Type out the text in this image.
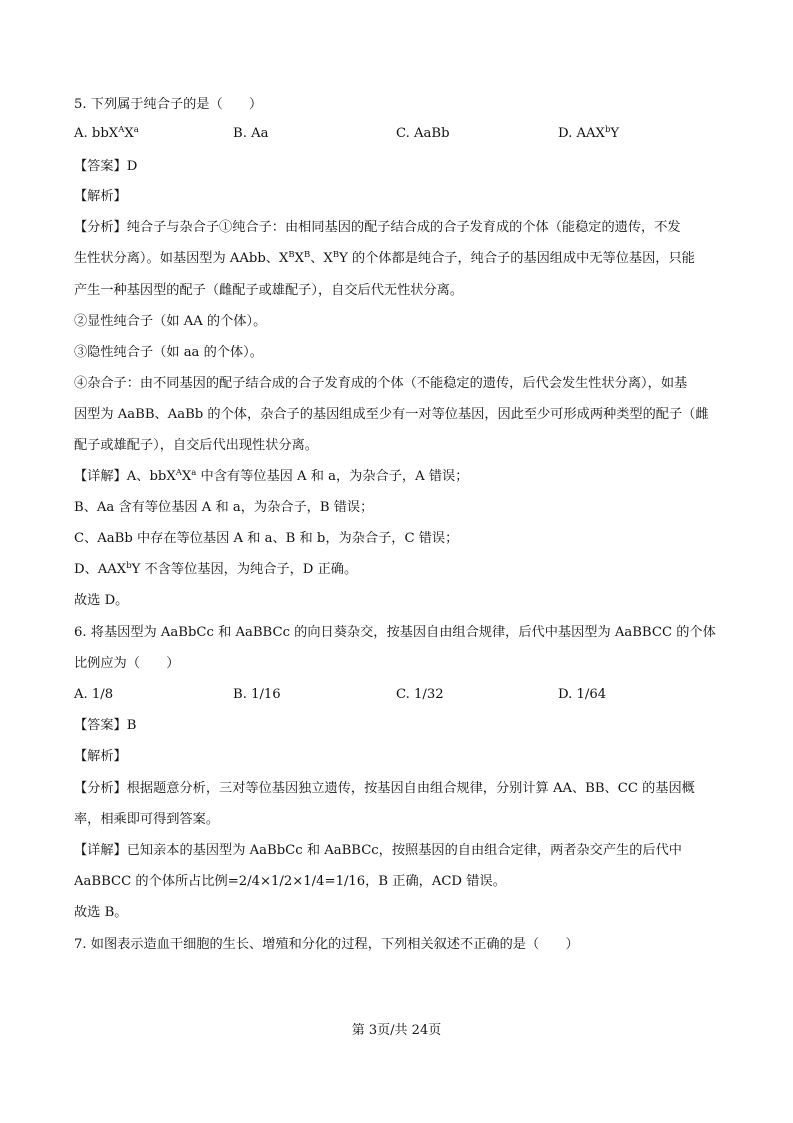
5. 下列属于纯合子的是（　　）
A. $bbX^AX^a$	B. Aa	C. AaBb	D. AAX$^b$Y
【答案】D
【解析】
【分析】纯合子与杂合子①纯合子：由相同基因的配子结合成的合子发育成的个体（能稳定的遗传，不发
生性状分离）。如基因型为 AAbb、$X^BX^B$、$X^BY$ 的个体都是纯合子，纯合子的基因组成中无等位基因，只能
产生一种基因型的配子（雌配子或雄配子），自交后代无性状分离。
②显性纯合子（如 AA 的个体）。
③隐性纯合子（如 aa 的个体）。
④杂合子：由不同基因的配子结合成的合子发育成的个体（不能稳定的遗传，后代会发生性状分离），如基
因型为 AaBB、AaBb 的个体，杂合子的基因组成至少有一对等位基因，因此至少可形成两种类型的配子（雌
配子或雄配子），自交后代出现性状分离。
【详解】A、$bbX^AX^a$ 中含有等位基因 A 和 a，为杂合子，A 错误；
B、Aa 含有等位基因 A 和 a，为杂合子，B 错误；
C、AaBb 中存在等位基因 A 和 a、B 和 b，为杂合子，C 错误；
D、AAX$^b$Y 不含等位基因，为纯合子，D 正确。
故选 D。
6. 将基因型为 AaBbCc 和 AaBBCc 的向日葵杂交，按基因自由组合规律，后代中基因型为 AaBBCC 的个体
比例应为（　　）
A. 1/8	B. 1/16	C. 1/32	D. 1/64
【答案】B
【解析】
【分析】根据题意分析，三对等位基因独立遗传，按基因自由组合规律，分别计算 AA、BB、CC 的基因概
率，相乘即可得到答案。
【详解】已知亲本的基因型为 AaBbCc 和 AaBBCc，按照基因的自由组合定律，两者杂交产生的后代中
AaBBCC 的个体所占比例=2/4×1/2×1/4=1/16，B 正确，ACD 错误。
故选 B。
7. 如图表示造血干细胞的生长、增殖和分化的过程，下列相关叙述不正确的是（　　）
第 3页/共 24页
